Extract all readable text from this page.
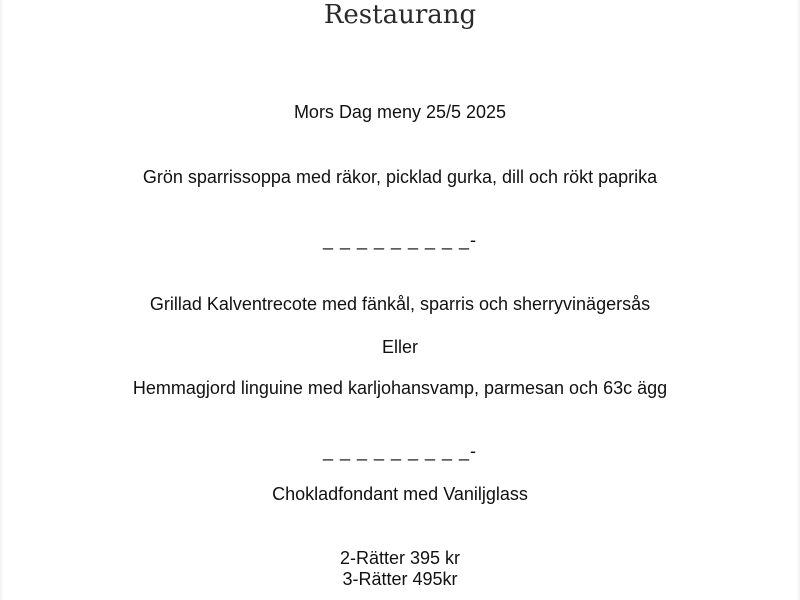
Restaurang
Mors Dag meny 25/5 2025
Grön sparrissoppa med räkor, picklad gurka, dill och rökt paprika
_ _ _ _ _ _ _ _ _-
Grillad Kalventrecote med fänkål, sparris och sherryvinägersås
Eller
Hemmagjord linguine med karljohansvamp, parmesan och 63c ägg
_ _ _ _ _ _ _ _ _-
Chokladfondant med Vaniljglass
2-Rätter 395 kr
3-Rätter 495kr
